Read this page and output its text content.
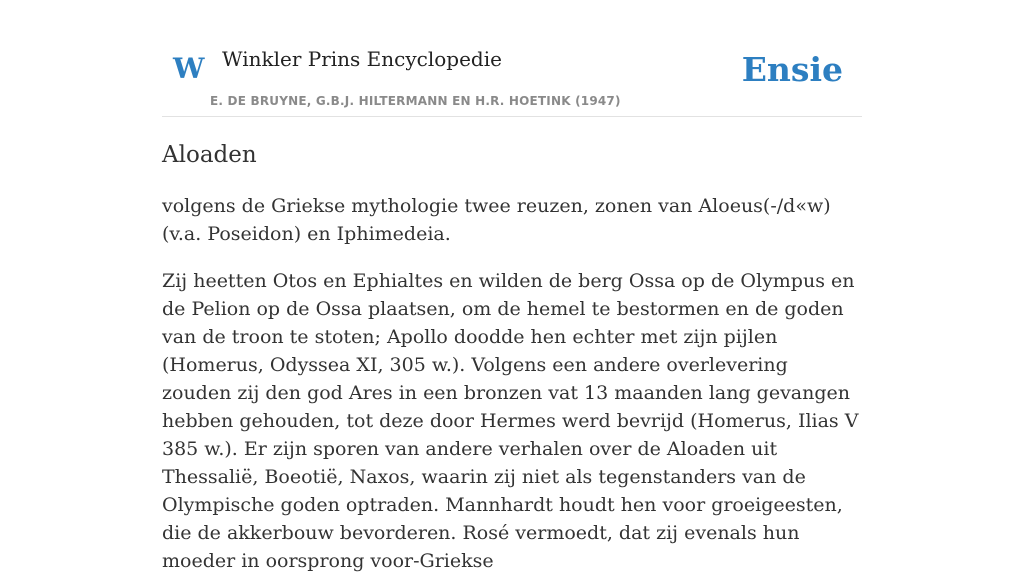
W Winkler Prins Encyclopedie
E. DE BRUYNE, G.B.J. HILTERMANN EN H.R. HOETINK (1947)
Ensie
Aloaden

volgens de Griekse mythologie twee reuzen, zonen van Aloeus(-/d«w) (v.a. Poseidon) en Iphimedeia.

Zij heetten Otos en Ephialtes en wilden de berg Ossa op de Olympus en de Pelion op de Ossa plaatsen, om de hemel te bestormen en de goden van de troon te stoten; Apollo doodde hen echter met zijn pijlen (Homerus, Odyssea XI, 305 w.). Volgens een andere overlevering zouden zij den god Ares in een bronzen vat 13 maanden lang gevangen hebben gehouden, tot deze door Hermes werd bevrijd (Homerus, Ilias V 385 w.). Er zijn sporen van andere verhalen over de Aloaden uit Thessalië, Boeotië, Naxos, waarin zij niet als tegenstanders van de Olympische goden optraden. Mannhardt houdt hen voor groeigeesten, die de akkerbouw bevorderen. Rosé vermoedt, dat zij evenals hun moeder in oorsprong voor-Griekse
